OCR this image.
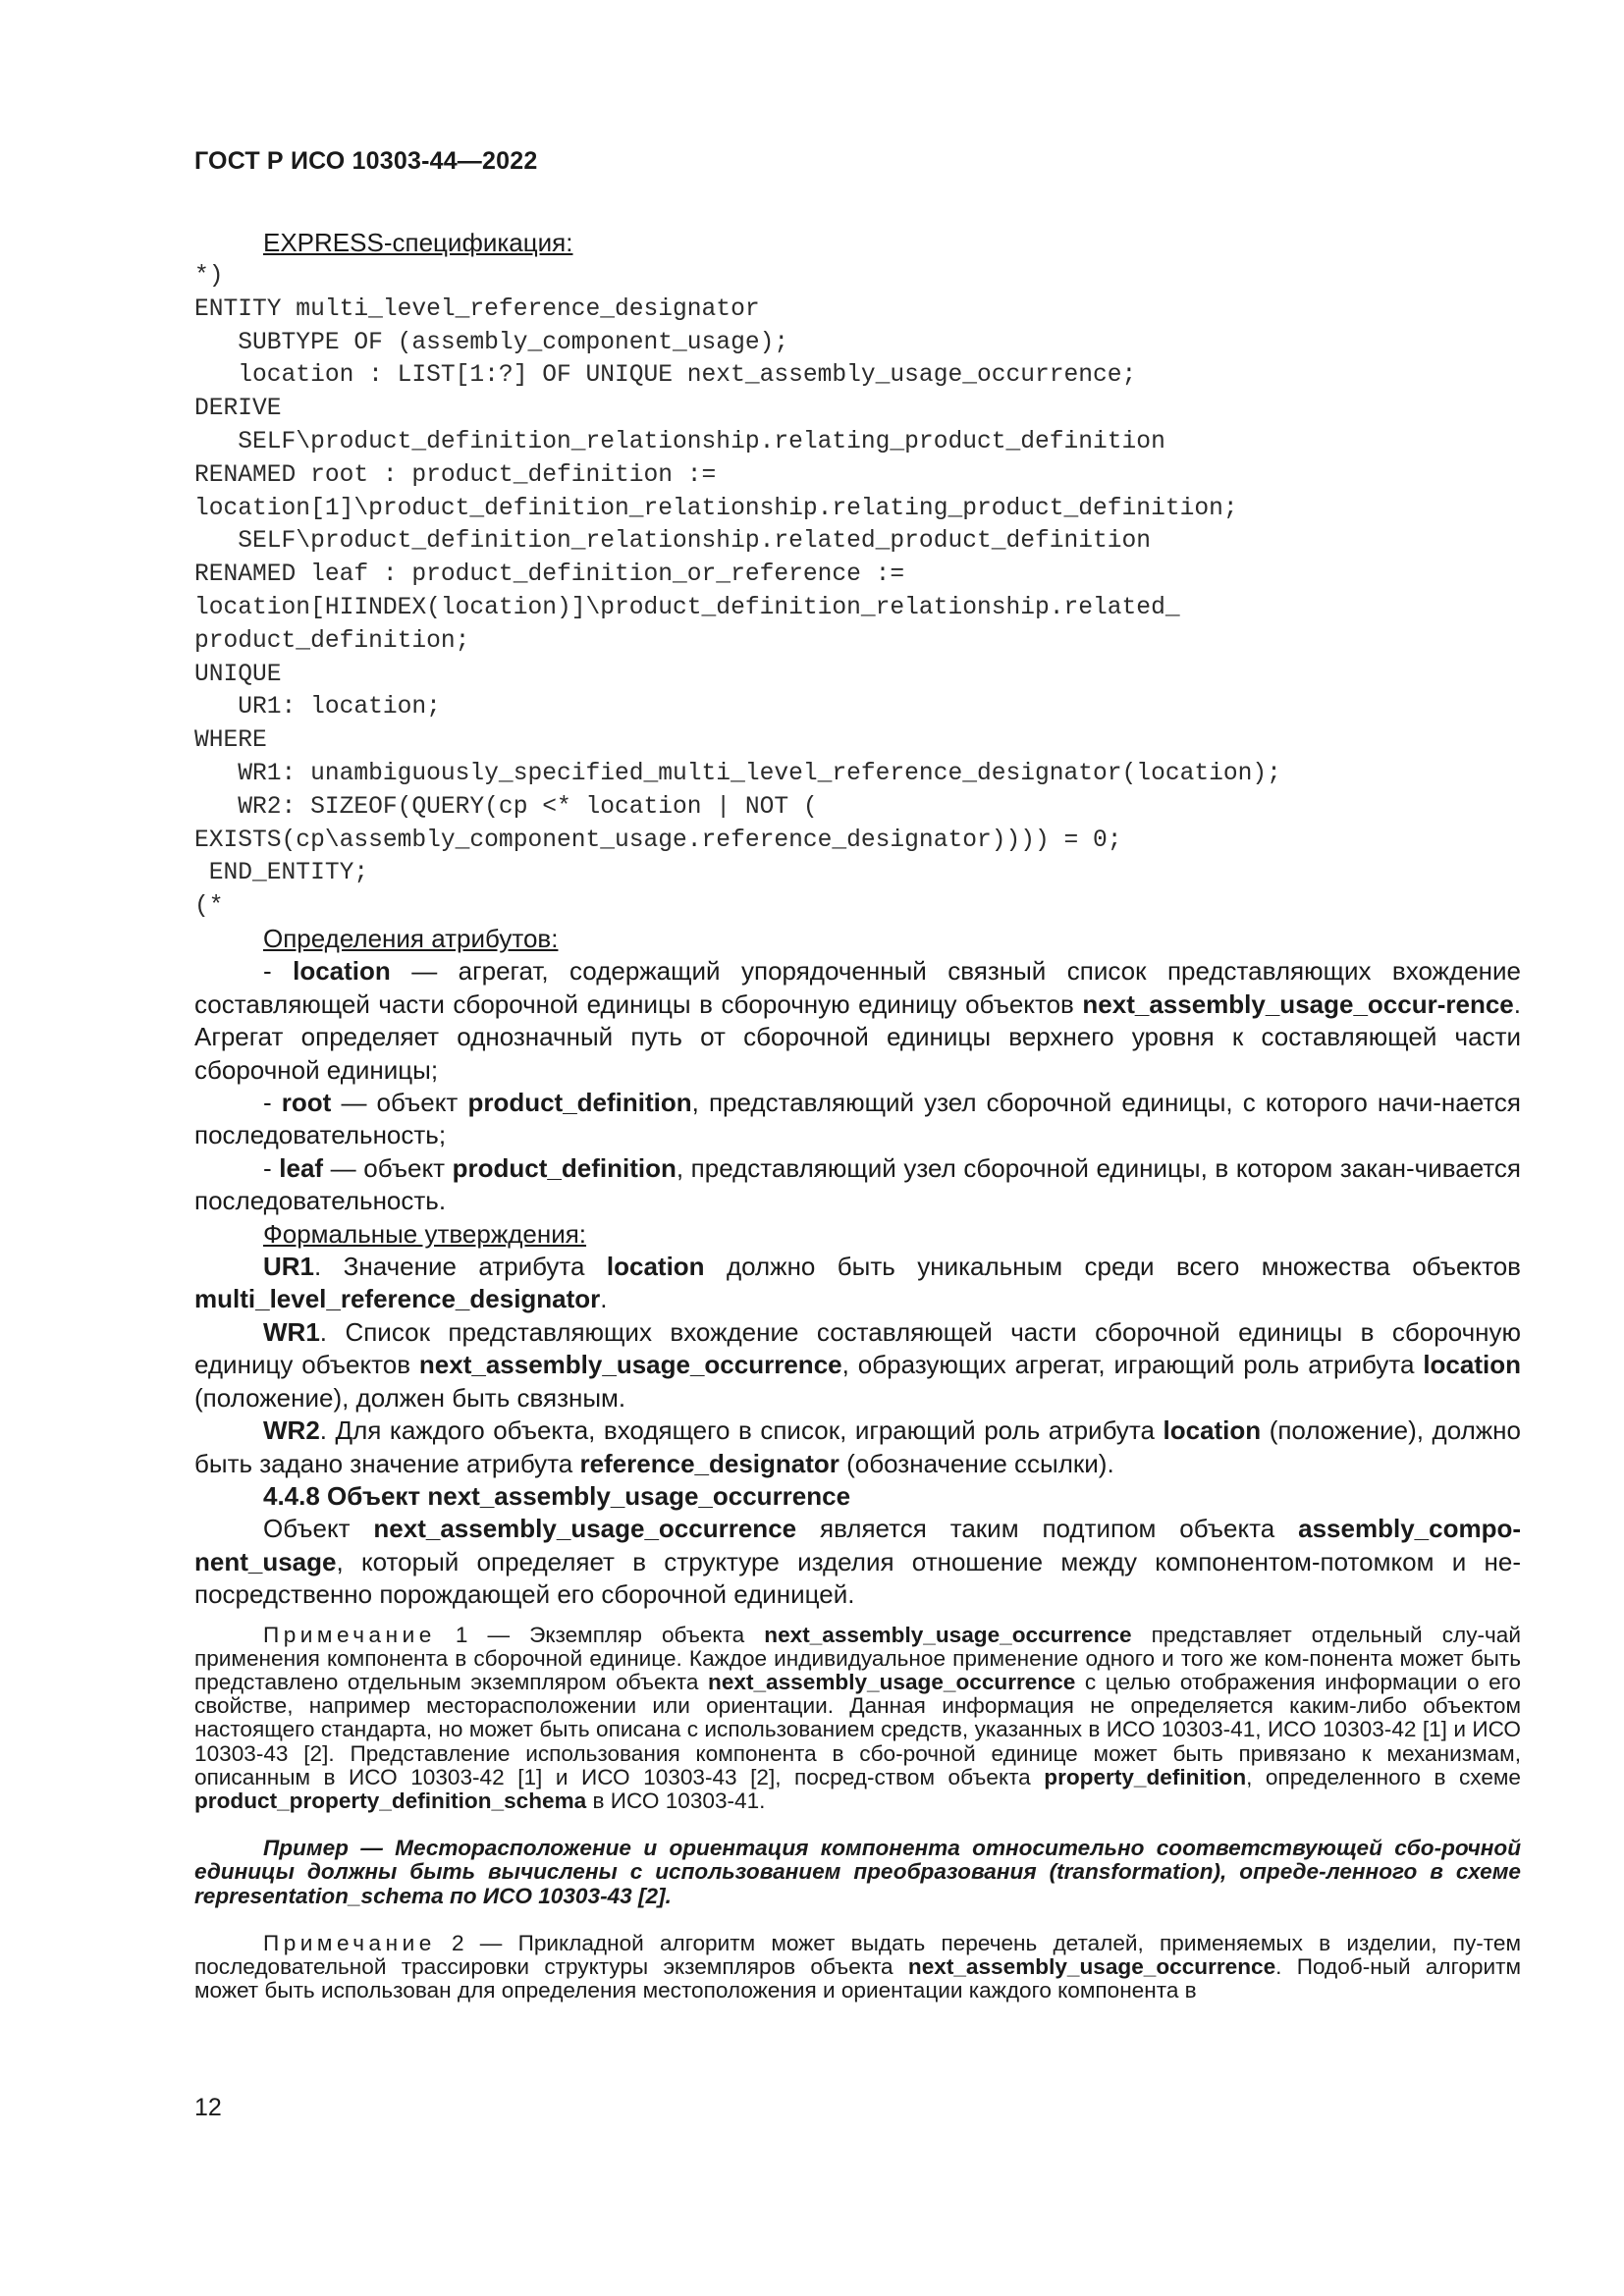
ГОСТ Р ИСО 10303-44—2022
EXPRESS-спецификация:
*)
ENTITY multi_level_reference_designator
SUBTYPE OF (assembly_component_usage);
location : LIST[1:?] OF UNIQUE next_assembly_usage_occurrence;
DERIVE
SELF\product_definition_relationship.relating_product_definition
RENAMED root : product_definition :=
location[1]\product_definition_relationship.relating_product_definition;
SELF\product_definition_relationship.related_product_definition
RENAMED leaf : product_definition_or_reference :=
location[HIINDEX(location)]\product_definition_relationship.related_
product_definition;
UNIQUE
UR1: location;
WHERE
WR1: unambiguously_specified_multi_level_reference_designator(location);
WR2: SIZEOF(QUERY(cp <* location | NOT (
EXISTS(cp\assembly_component_usage.reference_designator)))) = 0;
END_ENTITY;
(*

Определения атрибутов:

- location — агрегат, содержащий упорядоченный связный список представляющих вхождение составляющей части сборочной единицы в сборочную единицу объектов next_assembly_usage_occur-rence. Агрегат определяет однозначный путь от сборочной единицы верхнего уровня к составляющей части сборочной единицы;

- root — объект product_definition, представляющий узел сборочной единицы, с которого начи-нается последовательность;

- leaf — объект product_definition, представляющий узел сборочной единицы, в котором закан-чивается последовательность.

Формальные утверждения:

UR1. Значение атрибута location должно быть уникальным среди всего множества объектов multi_level_reference_designator.

WR1. Список представляющих вхождение составляющей части сборочной единицы в сборочную единицу объектов next_assembly_usage_occurrence, образующих агрегат, играющий роль атрибута location (положение), должен быть связным.

WR2. Для каждого объекта, входящего в список, играющий роль атрибута location (положение), должно быть задано значение атрибута reference_designator (обозначение ссылки).

4.4.8 Объект next_assembly_usage_occurrence

Объект next_assembly_usage_occurrence является таким подтипом объекта assembly_compo-nent_usage, который определяет в структуре изделия отношение между компонентом-потомком и не-посредственно порождающей его сборочной единицей.

Примечание 1 — Экземпляр объекта next_assembly_usage_occurrence представляет отдельный слу-чай применения компонента в сборочной единице. Каждое индивидуальное применение одного и того же ком-понента может быть представлено отдельным экземпляром объекта next_assembly_usage_occurrence с целью отображения информации о его свойстве, например месторасположении или ориентации. Данная информация не определяется каким-либо объектом настоящего стандарта, но может быть описана с использованием средств, указанных в ИСО 10303-41, ИСО 10303-42 [1] и ИСО 10303-43 [2]. Представление использования компонента в сбо-рочной единице может быть привязано к механизмам, описанным в ИСО 10303-42 [1] и ИСО 10303-43 [2], посред-ством объекта property_definition, определенного в схеме product_property_definition_schema в ИСО 10303-41.

Пример — Месторасположение и ориентация компонента относительно соответствующей сбо-рочной единицы должны быть вычислены с использованием преобразования (transformation), опреде-ленного в схеме representation_schema по ИСО 10303-43 [2].

Примечание 2 — Прикладной алгоритм может выдать перечень деталей, применяемых в изделии, пу-тем последовательной трассировки структуры экземпляров объекта next_assembly_usage_occurrence. Подоб-ный алгоритм может быть использован для определения местоположения и ориентации каждого компонента в

12
